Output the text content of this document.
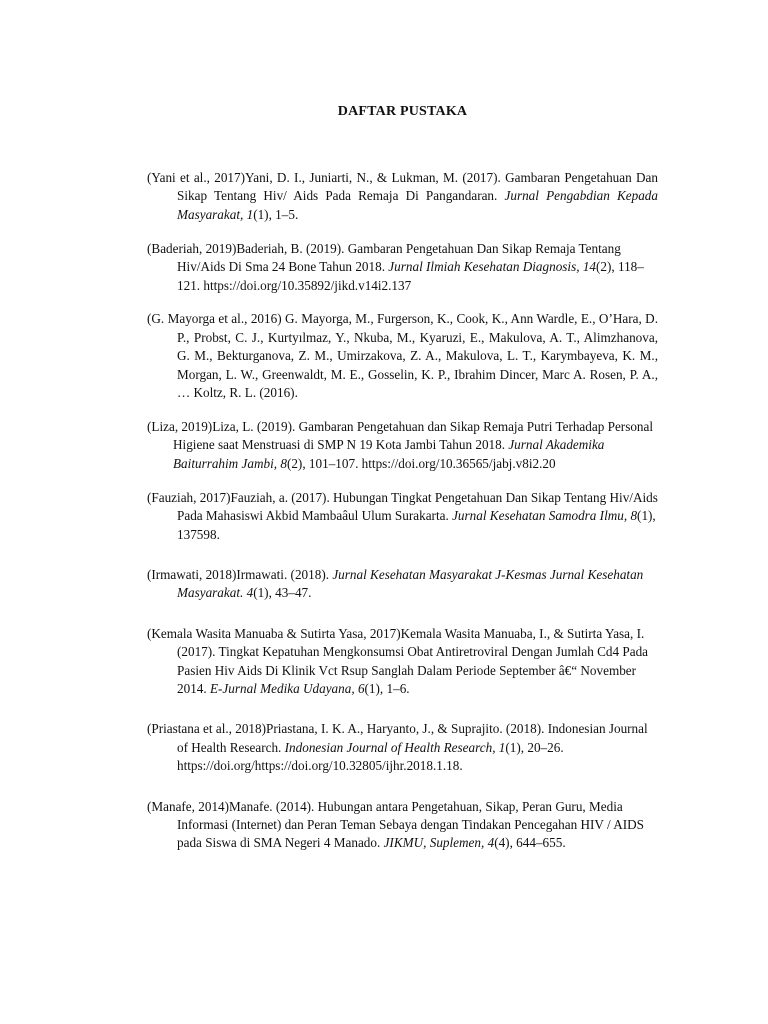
DAFTAR PUSTAKA

(Yani et al., 2017)Yani, D. I., Juniarti, N., & Lukman, M. (2017). Gambaran Pengetahuan Dan Sikap Tentang Hiv/ Aids Pada Remaja Di Pangandaran. Jurnal Pengabdian Kepada Masyarakat, 1(1), 1–5.

(Baderiah, 2019)Baderiah, B. (2019). Gambaran Pengetahuan Dan Sikap Remaja Tentang Hiv/Aids Di Sma 24 Bone Tahun 2018. Jurnal Ilmiah Kesehatan Diagnosis, 14(2), 118–121. https://doi.org/10.35892/jikd.v14i2.137

(G. Mayorga et al., 2016) G. Mayorga, M., Furgerson, K., Cook, K., Ann Wardle, E., O’Hara, D. P., Probst, C. J., Kurtyılmaz, Y., Nkuba, M., Kyaruzi, E., Makulova, A. T., Alimzhanova, G. M., Bekturganova, Z. M., Umirzakova, Z. A., Makulova, L. T., Karymbayeva, K. M., Morgan, L. W., Greenwaldt, M. E., Gosselin, K. P., Ibrahim Dincer, Marc A. Rosen, P. A., … Koltz, R. L. (2016).

(Liza, 2019)Liza, L. (2019). Gambaran Pengetahuan dan Sikap Remaja Putri Terhadap Personal Higiene saat Menstruasi di SMP N 19 Kota Jambi Tahun 2018. Jurnal Akademika Baiturrahim Jambi, 8(2), 101–107. https://doi.org/10.36565/jabj.v8i2.20

(Fauziah, 2017)Fauziah, a. (2017). Hubungan Tingkat Pengetahuan Dan Sikap Tentang Hiv/Aids Pada Mahasiswi Akbid Mambaâul Ulum Surakarta. Jurnal Kesehatan Samodra Ilmu, 8(1), 137598.

(Irmawati, 2018)Irmawati. (2018). Jurnal Kesehatan Masyarakat J-Kesmas Jurnal Kesehatan Masyarakat. 4(1), 43–47.

(Kemala Wasita Manuaba & Sutirta Yasa, 2017)Kemala Wasita Manuaba, I., & Sutirta Yasa, I. (2017). Tingkat Kepatuhan Mengkonsumsi Obat Antiretroviral Dengan Jumlah Cd4 Pada Pasien Hiv Aids Di Klinik Vct Rsup Sanglah Dalam Periode September â€“ November 2014. E-Jurnal Medika Udayana, 6(1), 1–6.

(Priastana et al., 2018)Priastana, I. K. A., Haryanto, J., & Suprajito. (2018). Indonesian Journal of Health Research. Indonesian Journal of Health Research, 1(1), 20–26. https://doi.org/https://doi.org/10.32805/ijhr.2018.1.18.

(Manafe, 2014)Manafe. (2014). Hubungan antara Pengetahuan, Sikap, Peran Guru, Media Informasi (Internet) dan Peran Teman Sebaya dengan Tindakan Pencegahan HIV / AIDS pada Siswa di SMA Negeri 4 Manado. JIKMU, Suplemen, 4(4), 644–655.
